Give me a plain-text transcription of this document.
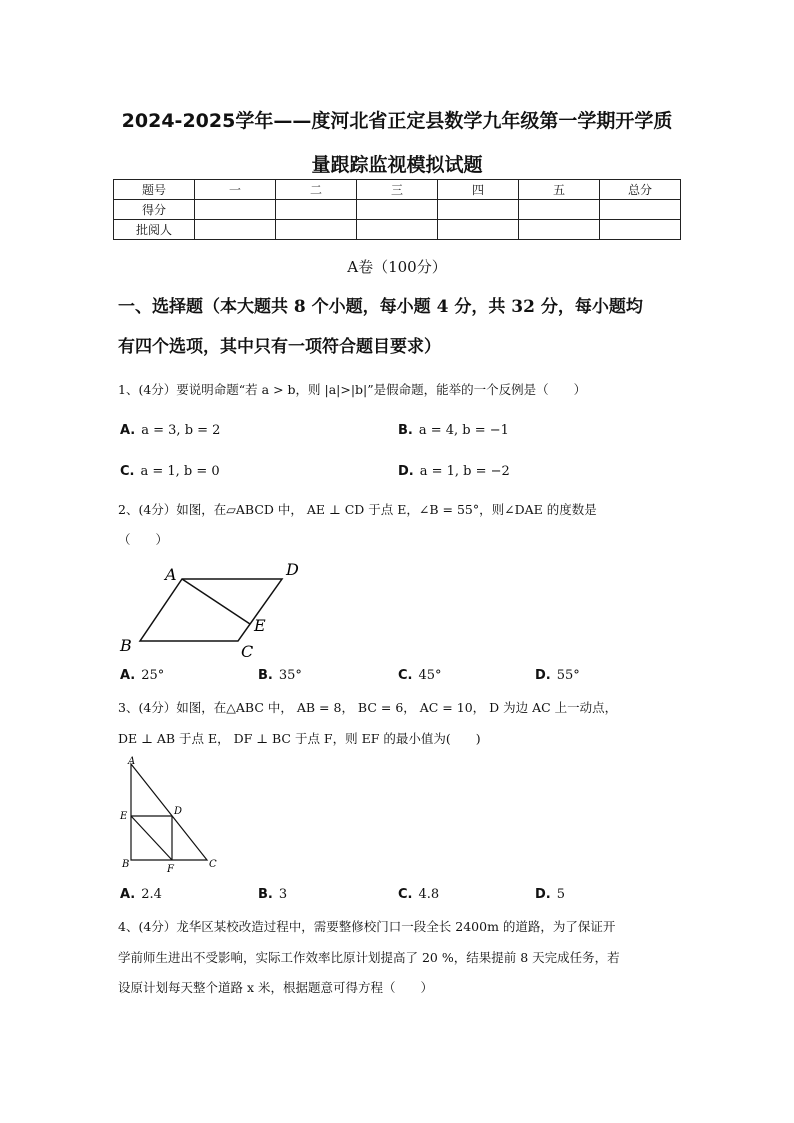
2024-2025学年——度河北省正定县数学九年级第一学期开学质
量跟踪监视模拟试题
题号	一	二	三	四	五	总分
得分						
批阅人						
A卷（100分）
一、选择题（本大题共 8 个小题，每小题 4 分，共 32 分，每小题均
有四个选项，其中只有一项符合题目要求）
1、(4分）要说明命题“若 a > b，则 |a|>|b|”是假命题，能举的一个反例是（　　）
A. a = 3, b = 2	B. a = 4, b = −1
C. a = 1, b = 0	D. a = 1, b = −2
2、(4分）如图，在▱ABCD 中， AE ⊥ CD 于点 E，∠B = 55°，则∠DAE 的度数是
（　　）
A	D
E
B	C
A. 25°	B. 35°	C. 45°	D. 55°
3、(4分）如图，在△ABC 中， AB = 8， BC = 6， AC = 10， D 为边 AC 上一动点，
DE ⊥ AB 于点 E， DF ⊥ BC 于点 F，则 EF 的最小值为(　　)
A
E	D
B	F	C
A. 2.4	B. 3	C. 4.8	D. 5
4、(4分）龙华区某校改造过程中，需要整修校门口一段全长 2400m 的道路，为了保证开
学前师生进出不受影响，实际工作效率比原计划提高了 20 %，结果提前 8 天完成任务，若
设原计划每天整个道路 x 米，根据题意可得方程（　　）
